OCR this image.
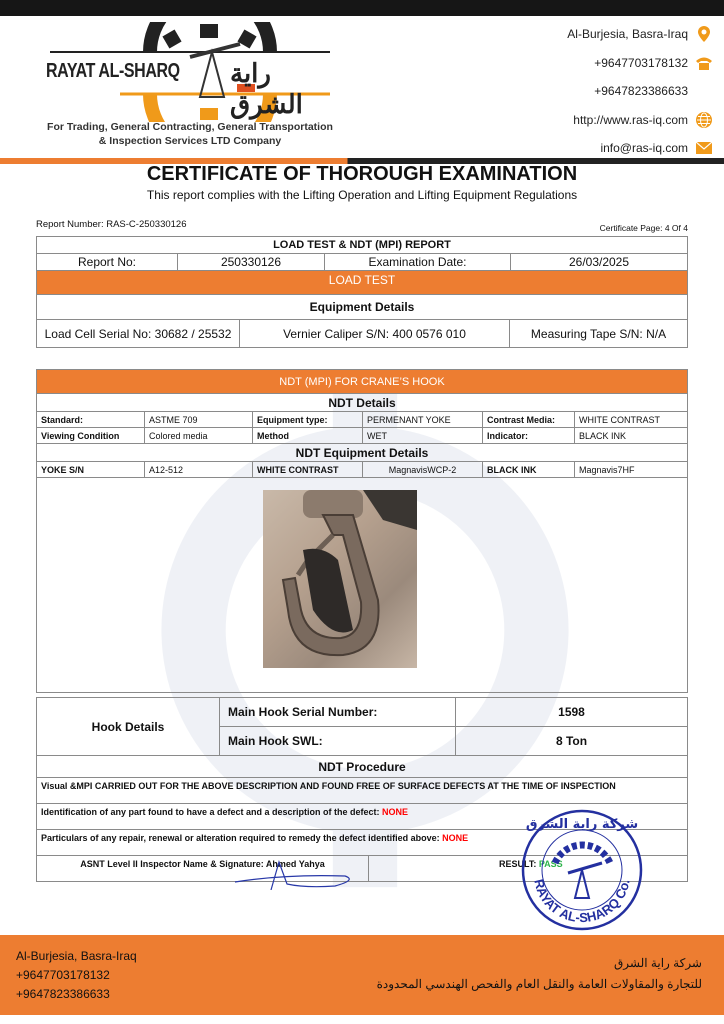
RAYAT AL-SHARQ راية الشرق
For Trading, General Contracting, General Transportation
& Inspection Services LTD Company
Al-Burjesia, Basra-Iraq
+9647703178132
+9647823386633
http://www.ras-iq.com
info@ras-iq.com
CERTIFICATE OF THOROUGH EXAMINATION
This report complies with the Lifting Operation and Lifting Equipment Regulations
Report Number: RAS-C-250330126	Certificate Page: 4 Of 4
LOAD TEST & NDT (MPI) REPORT
Report No:	250330126	Examination Date:	26/03/2025
LOAD TEST
Equipment Details
Load Cell Serial No: 30682 / 25532	Vernier Caliper S/N: 400 0576 010	Measuring Tape S/N: N/A
NDT (MPI) FOR CRANE’S HOOK					
NDT Details					
Standard:	ASTME 709	Equipment type:	PERMENANT YOKE	Contrast Media:	WHITE CONTRAST
Viewing Condition	Colored media	Method	WET	Indicator:	BLACK INK
NDT Equipment Details					
YOKE S/N	A12-512	WHITE CONTRAST	MagnavisWCP-2	BLACK INK	Magnavis7HF

Hook Details	Main Hook Serial Number:	1598
	Main Hook SWL:	8 Ton
NDT Procedure
Visual &MPI CARRIED OUT FOR THE ABOVE DESCRIPTION AND FOUND FREE OF SURFACE DEFECTS AT THE TIME OF INSPECTION
Identification of any part found to have a defect and a description of the defect: NONE
Particulars of any repair, renewal or alteration required to remedy the defect identified above: NONE
ASNT Level II Inspector Name & Signature: Ahmed Yahya	RESULT: PASS
شركة راية الشرق
RAYAT AL-SHARQ Co.
Al-Burjesia, Basra-Iraq
+9647703178132
+9647823386633
شركة راية الشرق
للتجارة والمقاولات العامة والنقل العام والفحص الهندسي المحدودة
